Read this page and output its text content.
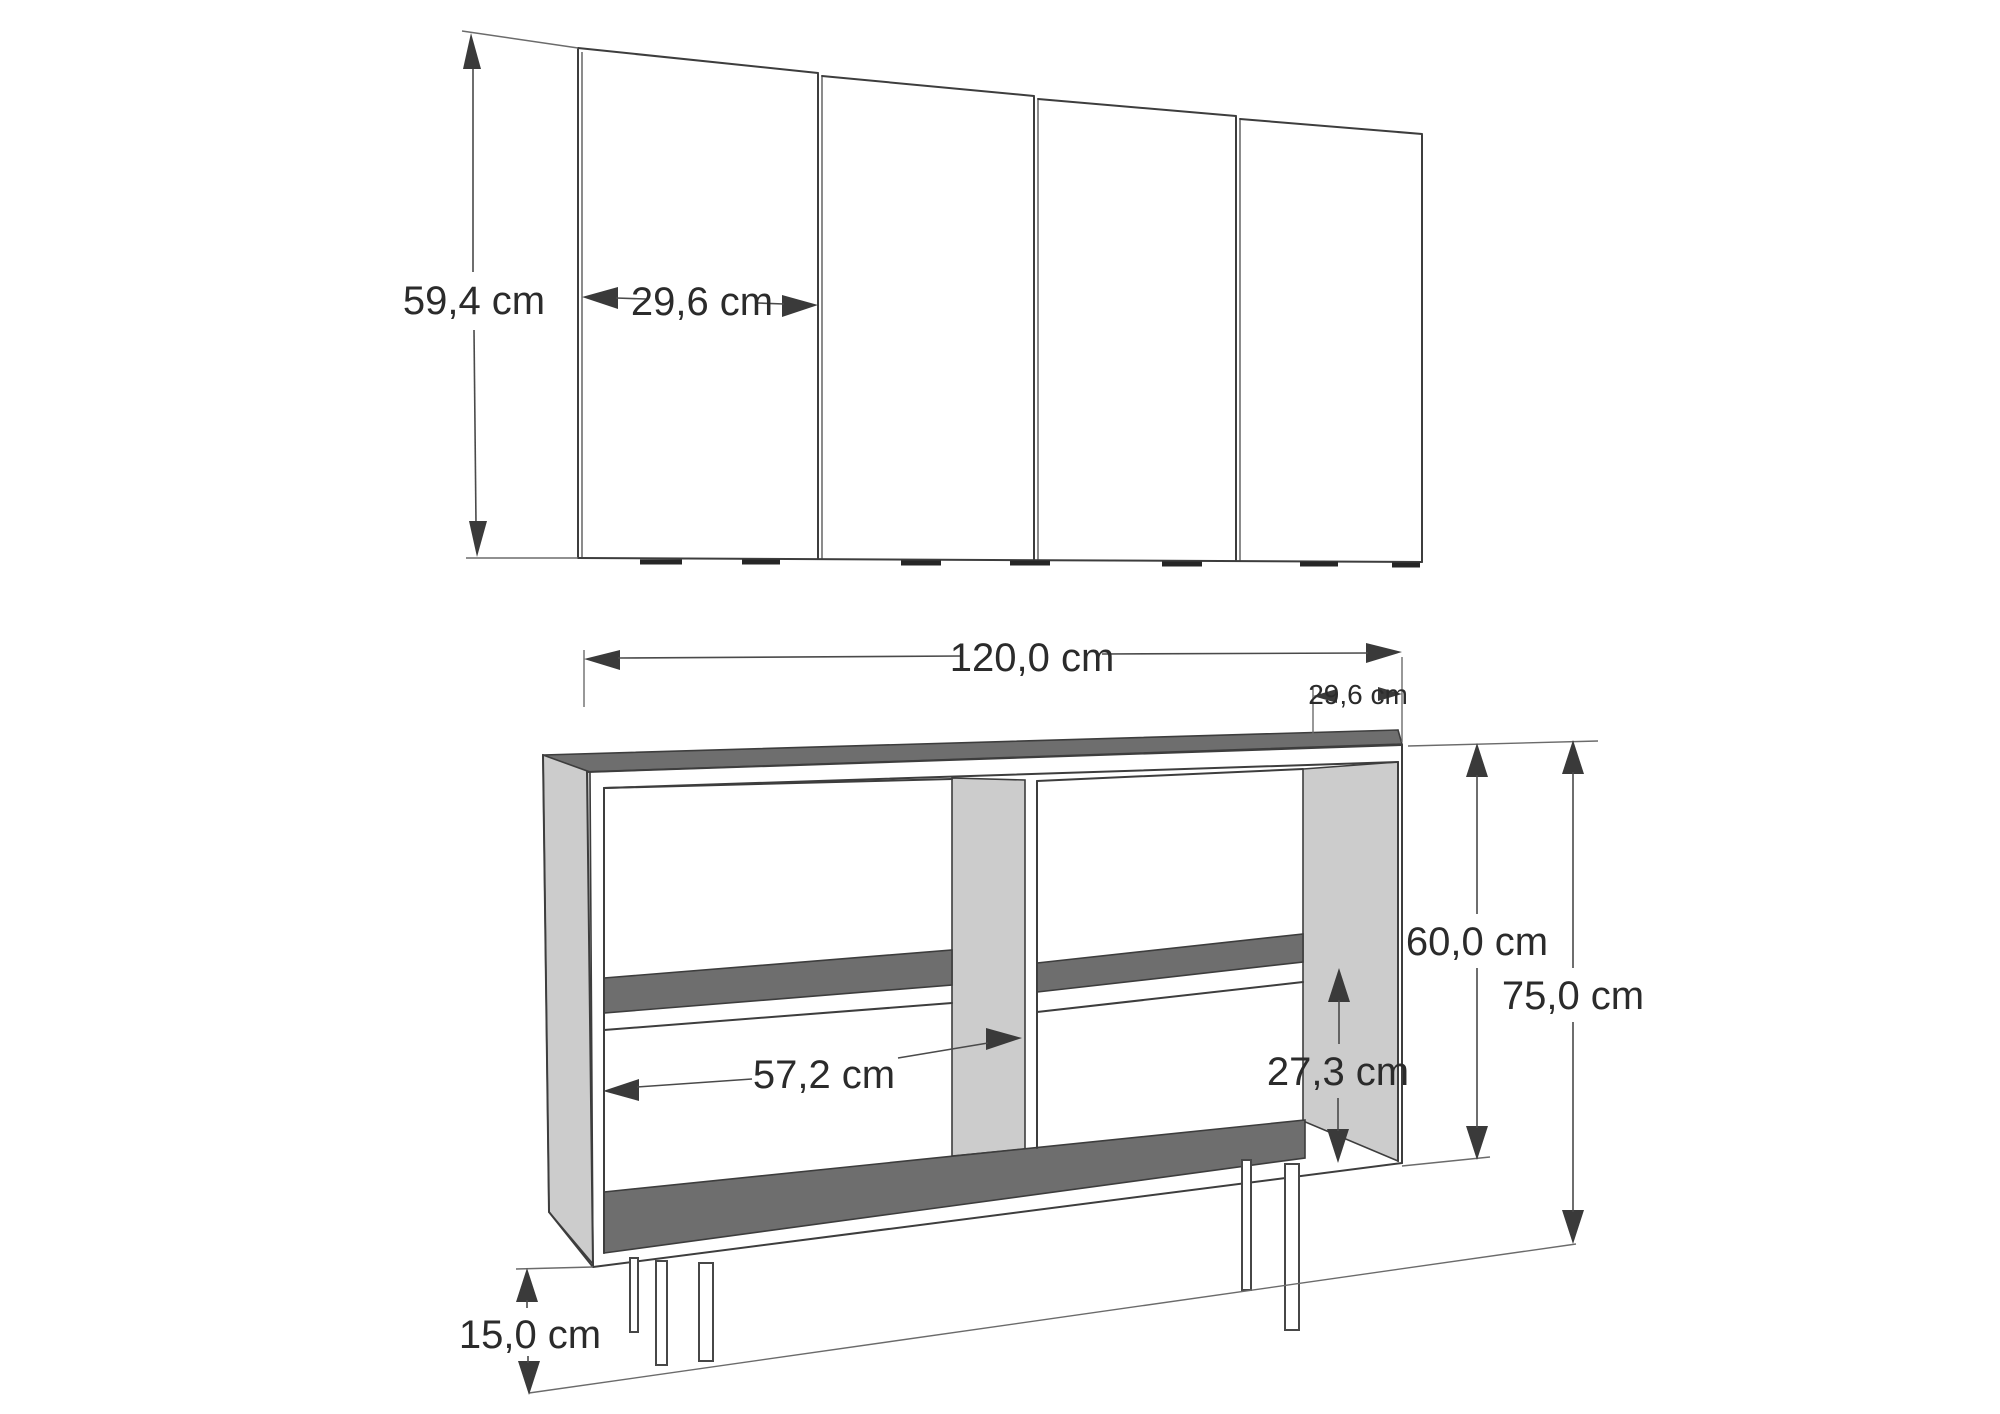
59,4 cm 29,6 cm
120,0 cm
29,6 cm
57,2 cm	27,3 cm
60,0 cm
75,0 cm
15,0 cm
